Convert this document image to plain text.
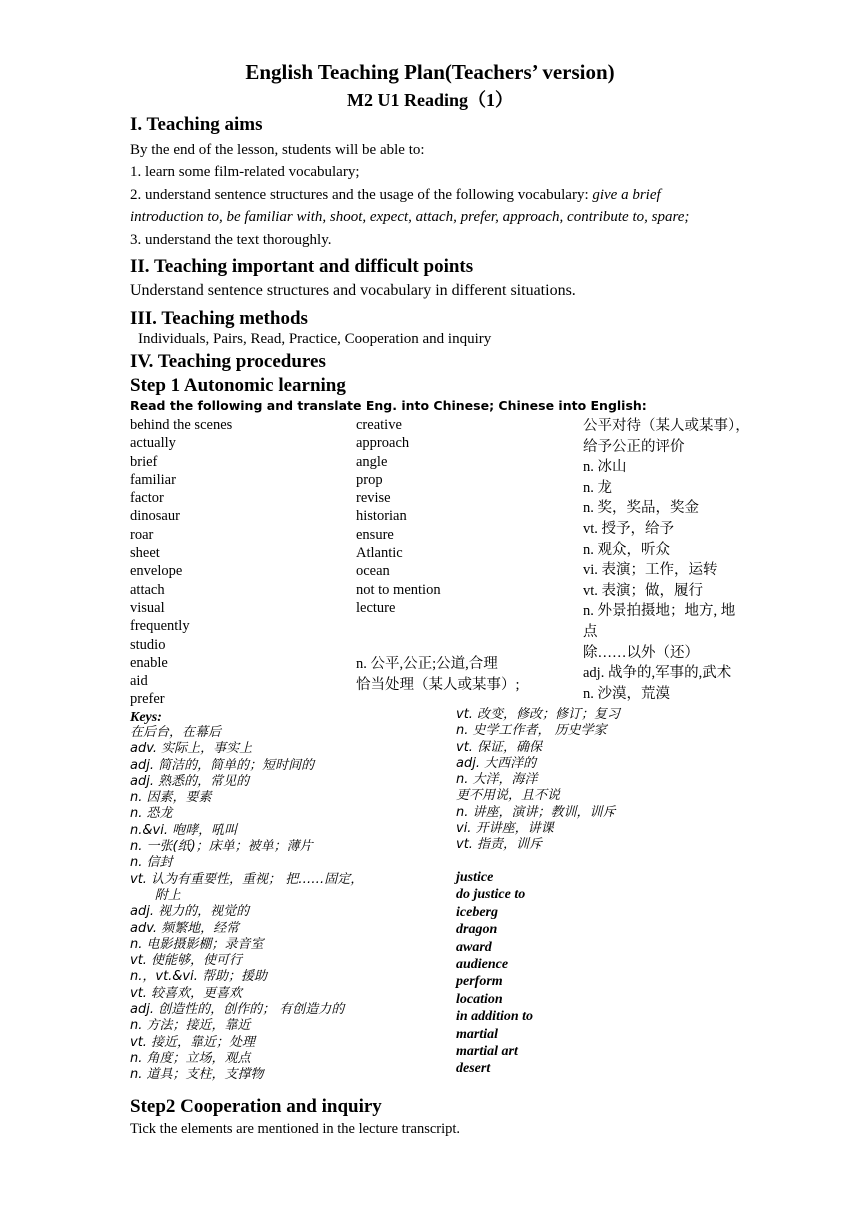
English Teaching Plan(Teachers’ version)
M2 U1 Reading（1）
I. Teaching aims
By the end of the lesson, students will be able to:
1. learn some film-related vocabulary;
2. understand sentence structures and the usage of the following vocabulary: give a brief
introduction to, be familiar with, shoot, expect, attach, prefer, approach, contribute to, spare;
3. understand the text thoroughly.
II. Teaching important and difficult points
Understand sentence structures and vocabulary in different situations.
III. Teaching methods
Individuals, Pairs, Read, Practice, Cooperation and inquiry
IV. Teaching procedures
Step 1 Autonomic learning
Read the following and translate Eng. into Chinese; Chinese into English:
behind the scenes
actually
brief
familiar
factor
dinosaur
roar
sheet
envelope
attach
visual
frequently
studio
enable
aid
prefer
creative
approach
angle
prop
revise
historian
ensure
Atlantic
ocean
not to mention
lecture
n. 公平,公正;公道,合理
恰当处理（某人或某事）;
公平对待（某人或某事），
给予公正的评价
n. 冰山
n. 龙
n. 奖，奖品，奖金
vt. 授予，给予
n. 观众，听众
vi. 表演；工作，运转
vt. 表演；做，履行
n. 外景拍摄地；地方, 地
点
除……以外（还）
adj. 战争的,军事的,武术
n. 沙漠，荒漠
Keys:
在后台，在幕后
adv. 实际上，事实上
adj. 简洁的，简单的；短时间的
adj. 熟悉的，常见的
n. 因素，要素
n. 恐龙
n.&vi. 咆哮，吼叫
n. 一张(纸)；床单；被单；薄片
n. 信封
vt. 认为有重要性，重视； 把……固定，
附上
adj. 视力的，视觉的
adv. 频繁地，经常
n. 电影摄影棚；录音室
vt. 使能够，使可行
n.，vt.&vi. 帮助；援助
vt. 较喜欢，更喜欢
adj. 创造性的，创作的； 有创造力的
n. 方法；接近，靠近
vt. 接近，靠近；处理
n. 角度；立场，观点
n. 道具；支柱，支撑物
vt. 改变，修改；修订；复习
n. 史学工作者， 历史学家
vt. 保证，确保
adj. 大西洋的
n. 大洋，海洋
更不用说，且不说
n. 讲座，演讲；教训，训斥
vi. 开讲座，讲课
vt. 指责，训斥
justice
do justice to
iceberg
dragon
award
audience
perform
location
in addition to
martial
martial art
desert
Step2 Cooperation and inquiry
Tick the elements are mentioned in the lecture transcript.
